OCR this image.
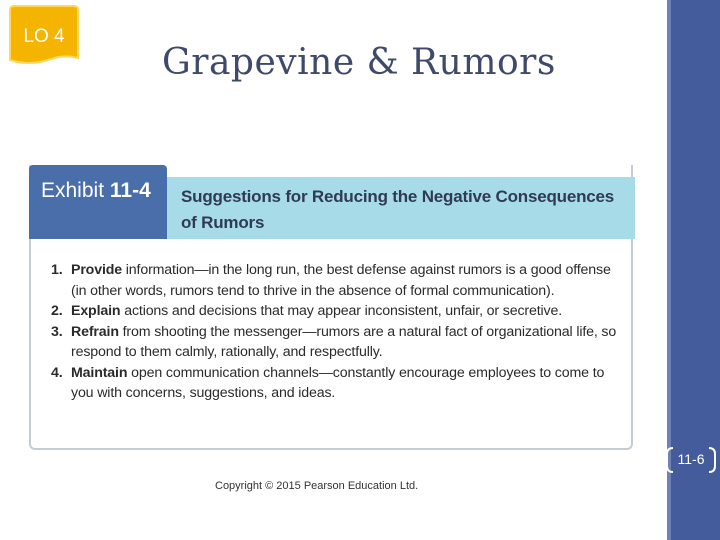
LO 4
Grapevine & Rumors
Exhibit 11-4 Suggestions for Reducing the Negative Consequences of Rumors
1. Provide information—in the long run, the best defense against rumors is a good offense (in other words, rumors tend to thrive in the absence of formal communication).
2. Explain actions and decisions that may appear inconsistent, unfair, or secretive.
3. Refrain from shooting the messenger—rumors are a natural fact of organizational life, so respond to them calmly, rationally, and respectfully.
4. Maintain open communication channels—constantly encourage employees to come to you with concerns, suggestions, and ideas.
11-6
Copyright © 2015 Pearson Education Ltd.
